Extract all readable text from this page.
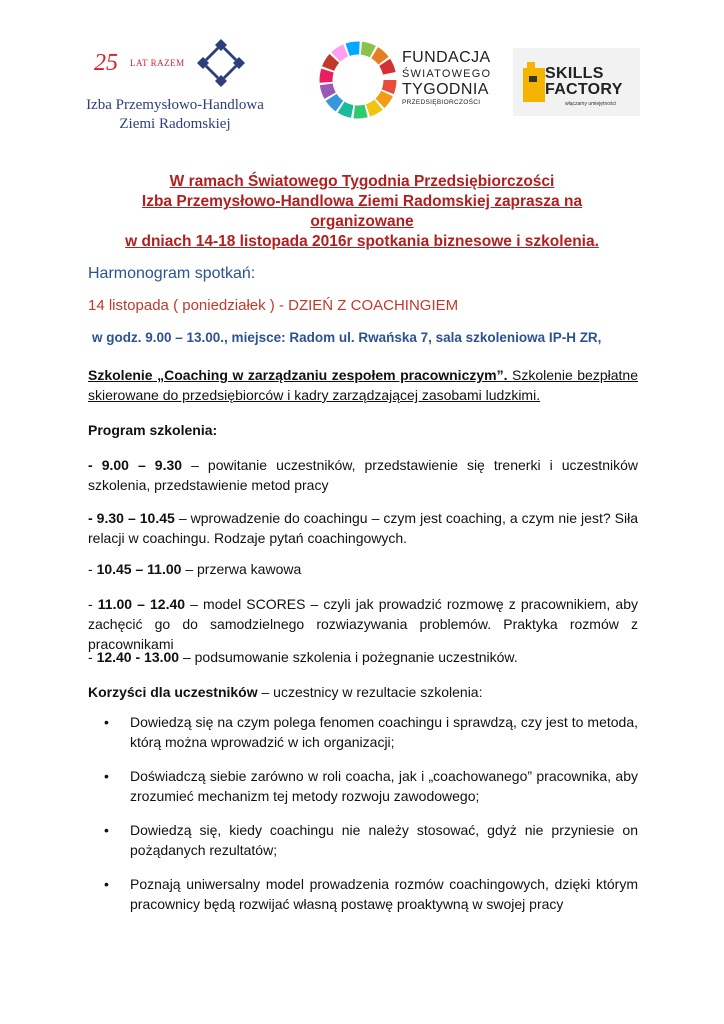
25 LAT RAZEM
Izba Przemysłowo-Handlowa
Ziemi Radomskiej
FUNDACJA
ŚWIATOWEGO
TYGODNIA
PRZEDSIĘBIORCZOŚCI
SKILLS
FACTORY
włączamy umiejętności
W ramach Światowego Tygodnia Przedsiębiorczości
Izba Przemysłowo-Handlowa Ziemi Radomskiej zaprasza na organizowane
w dniach 14-18 listopada 2016r spotkania biznesowe i szkolenia.
Harmonogram spotkań:
14 listopada ( poniedziałek ) - DZIEŃ Z COACHINGIEM
w godz. 9.00 – 13.00., miejsce: Radom ul. Rwańska 7, sala szkoleniowa IP-H ZR,
Szkolenie „Coaching w zarządzaniu zespołem pracowniczym”. Szkolenie bezpłatne skierowane do przedsiębiorców i kadry zarządzającej zasobami ludzkimi.
Program szkolenia:
- 9.00 – 9.30 – powitanie uczestników, przedstawienie się trenerki i uczestników szkolenia, przedstawienie metod pracy
- 9.30 – 10.45 – wprowadzenie do coachingu – czym jest coaching, a czym nie jest? Siła relacji w coachingu. Rodzaje pytań coachingowych.
- 10.45 – 11.00 – przerwa kawowa
- 11.00 – 12.40 – model SCORES – czyli jak prowadzić rozmowę z pracownikiem, aby zachęcić go do samodzielnego rozwiazywania problemów. Praktyka rozmów z pracownikami
- 12.40 - 13.00 – podsumowanie szkolenia i pożegnanie uczestników.
Korzyści dla uczestników – uczestnicy w rezultacie szkolenia:
• Dowiedzą się na czym polega fenomen coachingu i sprawdzą, czy jest to metoda, którą można wprowadzić w ich organizacji;
• Doświadczą siebie zarówno w roli coacha, jak i „coachowanego” pracownika, aby zrozumieć mechanizm tej metody rozwoju zawodowego;
• Dowiedzą się, kiedy coachingu nie należy stosować, gdyż nie przyniesie on pożądanych rezultatów;
• Poznają uniwersalny model prowadzenia rozmów coachingowych, dzięki którym pracownicy będą rozwijać własną postawę proaktywną w swojej pracy
